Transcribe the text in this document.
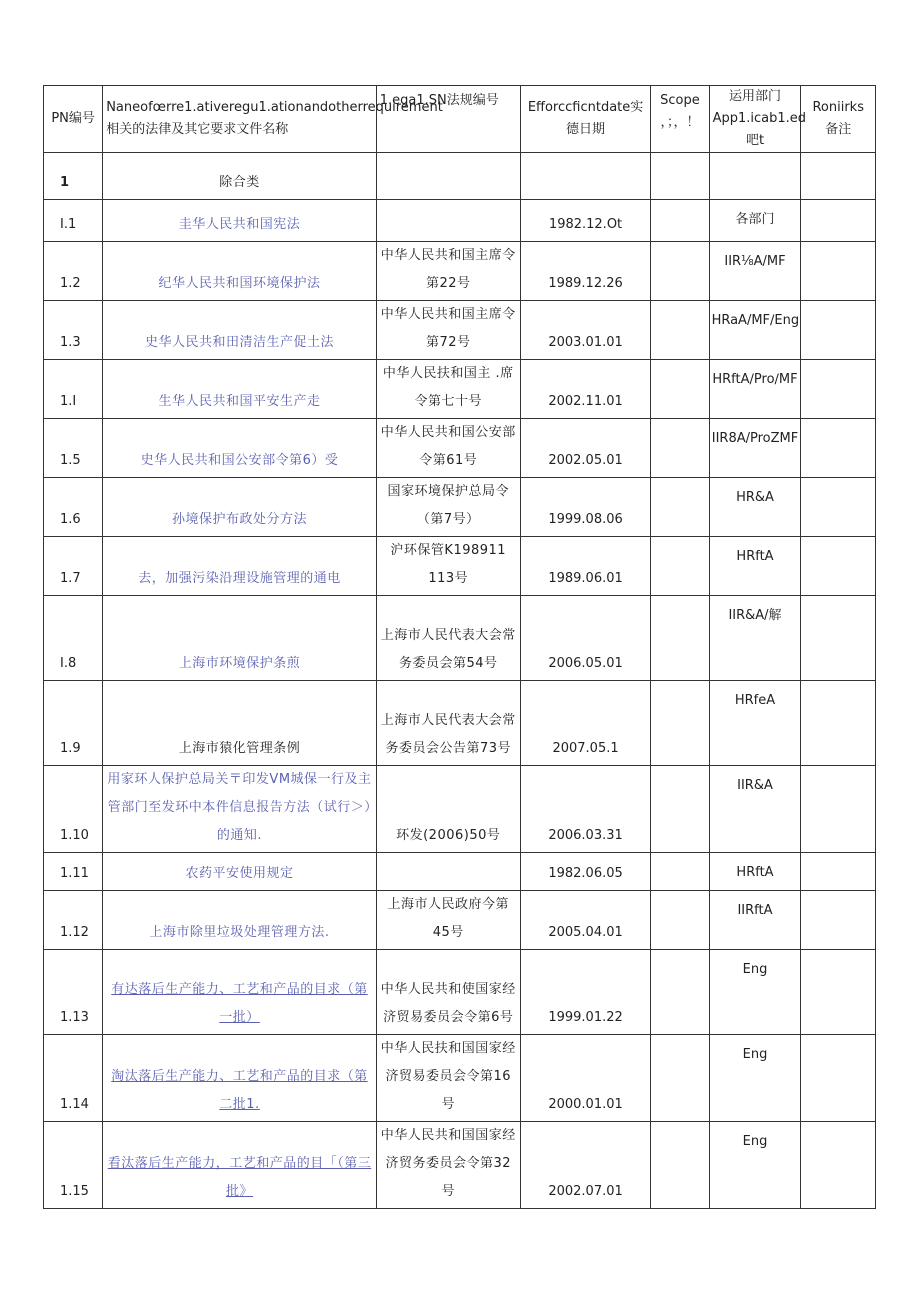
PN编号	Naneofœrre1.ativeregu1.ationandotherrequirement相关的法律及其它要求文件名称	1.ega1.SN法规编号	Efforccficntdate实德日期	Scope ，；，！	运用部门 App1.icab1.ed吧t	Roniirks 备注
1	除合类					
I.1	圭华人民共和国宪法		1982.12.Ot		各部门	
1.2	纪华人民共和国环境保护法	中华人民共和国主席令第22号	1989.12.26		IIR⅛A/MF	
1.3	史华人民共和田清洁生产促土法	中华人民共和国主席令第72号	2003.01.01		HRaA/MF∕Eng	
1.I	生华人民共和国平安生产走	中华人民扶和国主 .席令第七十号	2002.11.01		HRftA∕Pro∕MF	
1.5	史华人民共和国公安部令第6）受	中华人民共和国公安部令第61号	2002.05.01		IIR8A/ProZMF	
1.6	孙境保护布政处分方法	国家环境保护总局令（第7号）	1999.08.06		HR&A	
1.7	去，加强污染沿理设施管理的通电	沪环保管K198911 113号	1989.06.01		HRftA	
I.8	上海市环境保护条煎	上海市人民代表大会常务委员会第54号	2006.05.01		IIR&A/解	
1.9	上海市猿化管理条例	上海市人民代表大会常务委员会公告第73号	2007.05.1		HRfeA	
1.10	用家环人保护总局关〒印发VM城保一行及主管部门至发环中本件信息报告方法（试行＞）的通知.	环发(2006)50号	2006.03.31		IIR&A	
1.11	农药平安使用规定		1982.06.05		HRftA	
1.12	上海市除里垃圾处理管理方法.	上海市人民政府今第45号	2005.04.01		IIRftA	
1.13	有达落后生产能力、工艺和产品的目求（第一批）	中华人民共和使国家经济贸易委员会令第6号	1999.01.22		Eng	
1.14	淘汰落后生产能力、工艺和产品的目求（第二批1.	中华人民扶和国国家经济贸易委员会令第16号	2000.01.01		Eng	
1.15	看汰落后生产能力，工艺和产品的目「（第三批》	中华人民共和国国家经济贸务委员会令第32号	2002.07.01		Eng	
